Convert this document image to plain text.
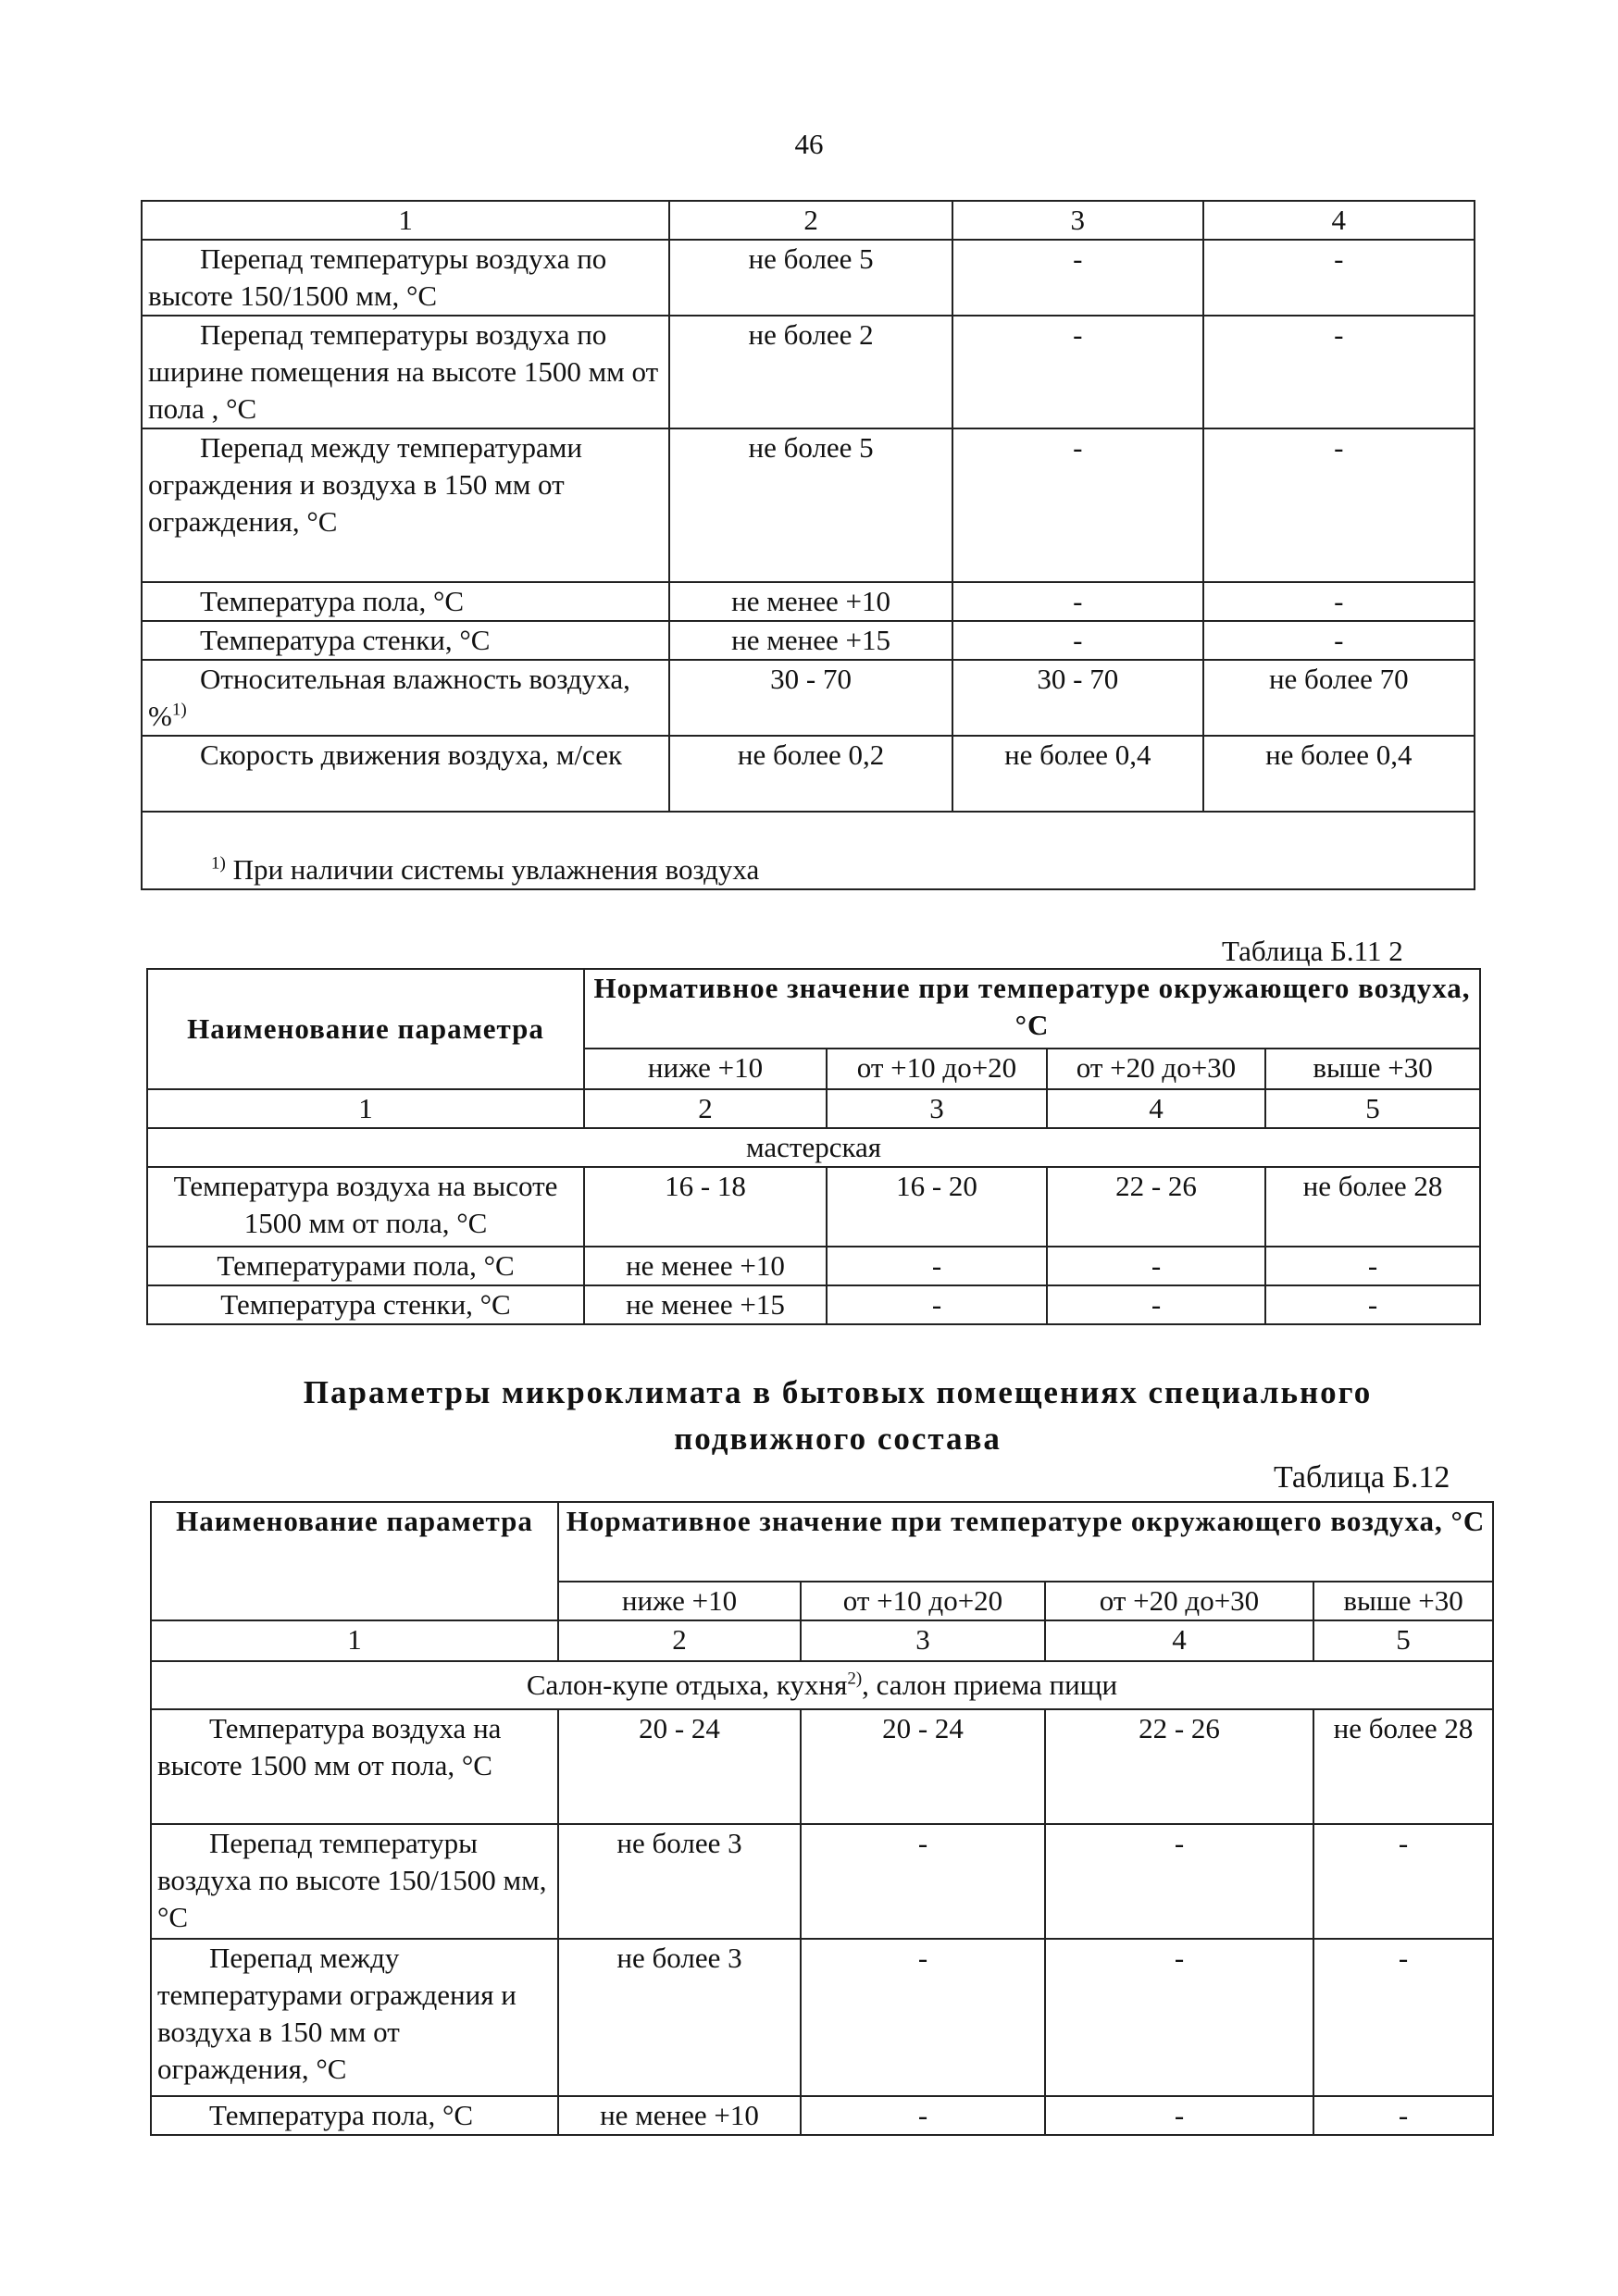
46
1	2	3	4
Перепад температуры воздуха по высоте 150/1500 мм, °С	не более 5	-	-
Перепад температуры воздуха по ширине помещения на высоте 1500 мм от пола , °С	не более 2	-	-
Перепад между температурами ограждения и воздуха в 150 мм от ограждения, °С	не более 5	-	-
Температура пола, °С	не менее +10	-	-
Температура стенки, °С	не менее +15	-	-
Относительная влажность воздуха, %$^{1)}$	30 - 70	30 - 70	не более 70
Скорость движения воздуха, м/сек	не более 0,2	не более 0,4	не более 0,4
$^{1)}$ При наличии системы увлажнения воздуха			
Таблица Б.11 2
Наименование параметра	Нормативное значение при температуре окружающего воздуха, °С			
	ниже +10	от +10 до+20	от +20 до+30	выше +30
1	2	3	4	5
мастерская				
Температура воздуха на высоте 1500 мм от пола, °С	16 - 18	16 - 20	22 - 26	не более 28
Температурами пола, °С	не менее +10	-	-	-
Температура стенки, °С	не менее +15	-	-	-
Параметры микроклимата в бытовых помещениях специального
подвижного состава
Таблица Б.12
Наименование параметра	Нормативное значение при температуре окружающего воздуха, °С			
	ниже +10	от +10 до+20	от +20 до+30	выше +30
1	2	3	4	5
Салон-купе отдыха, кухня$^{2)}$, салон приема пищи				
Температура воздуха на высоте 1500 мм от пола, °С	20 - 24	20 - 24	22 - 26	не более 28
Перепад температуры воздуха по высоте 150/1500 мм, °С	не более 3	-	-	-
Перепад между температурами ограждения и воздуха в 150 мм от ограждения, °С	не более 3	-	-	-
Температура пола, °С	не менее +10	-	-	-
